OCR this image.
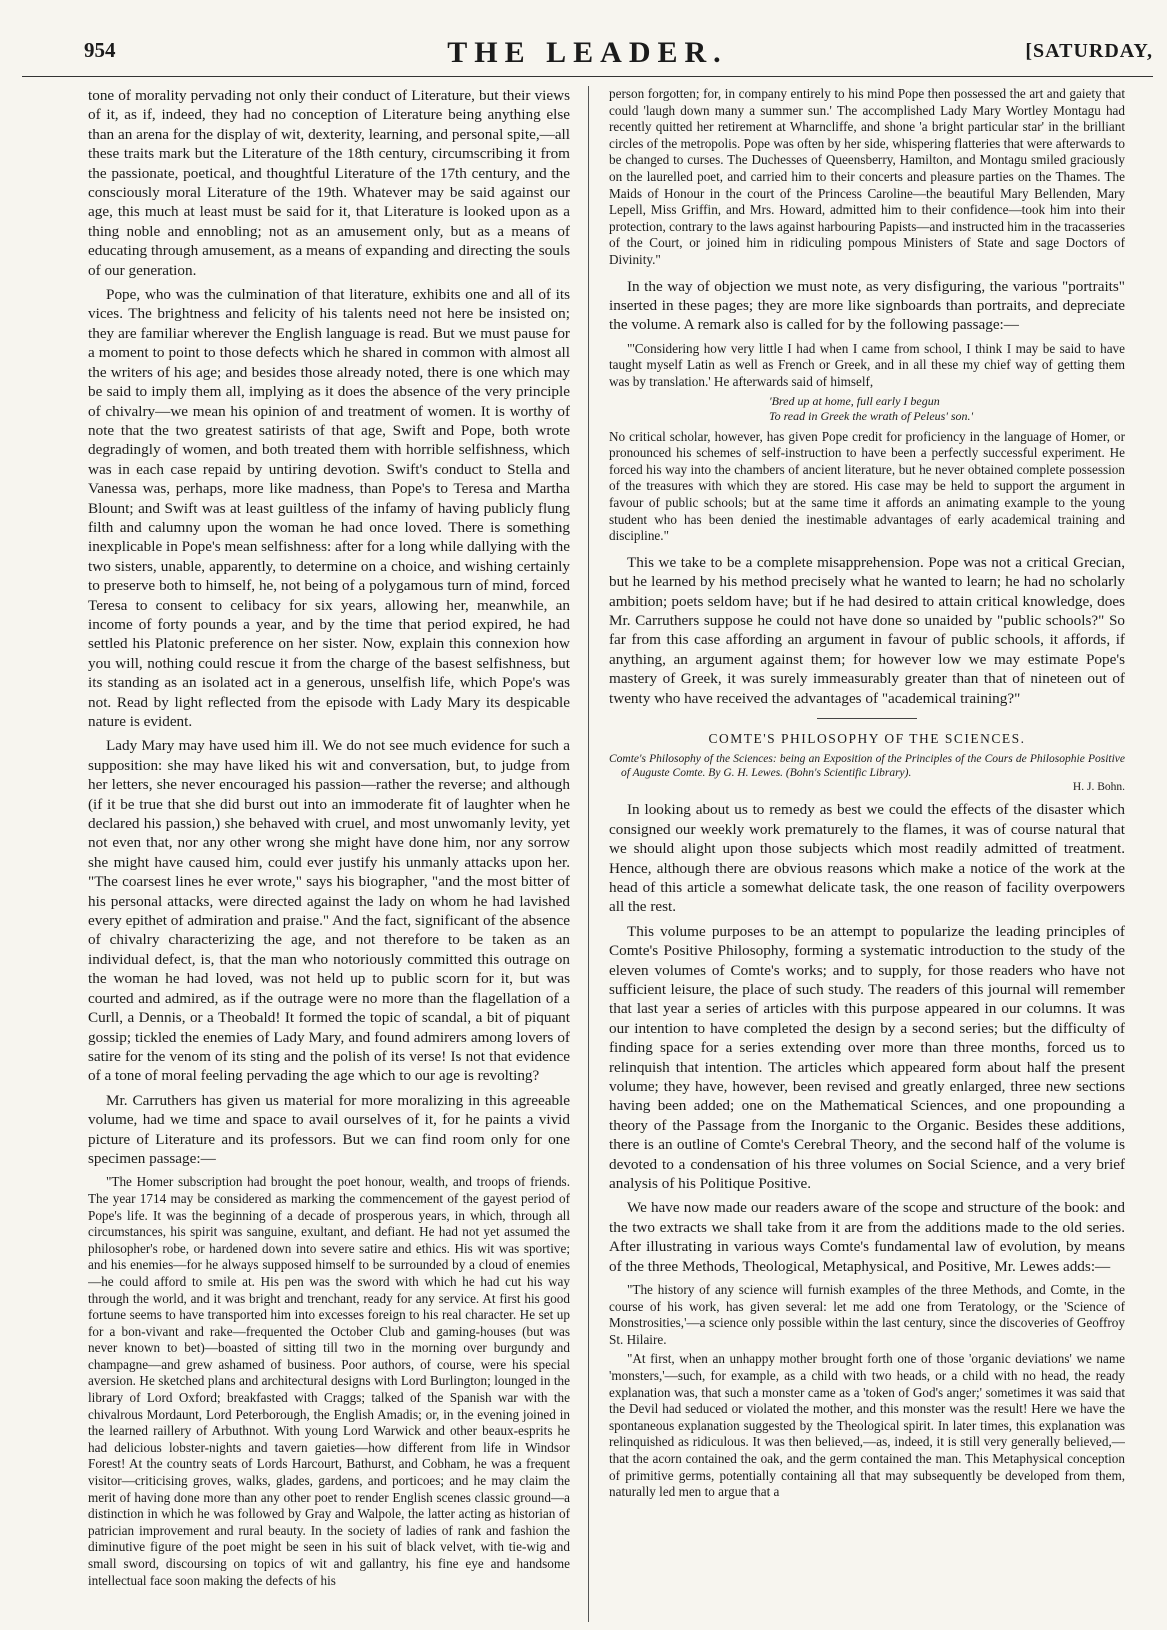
954	THE LEADER.	[SATURDAY,

tone of morality pervading not only their conduct of Literature, but their views of it, as if, indeed, they had no conception of Literature being anything else than an arena for the display of wit, dexterity, learning, and personal spite,—all these traits mark but the Literature of the 18th century, circumscribing it from the passionate, poetical, and thoughtful Literature of the 17th century, and the consciously moral Literature of the 19th. Whatever may be said against our age, this much at least must be said for it, that Literature is looked upon as a thing noble and ennobling; not as an amusement only, but as a means of educating through amusement, as a means of expanding and directing the souls of our generation.

Pope, who was the culmination of that literature, exhibits one and all of its vices. The brightness and felicity of his talents need not here be insisted on; they are familiar wherever the English language is read. But we must pause for a moment to point to those defects which he shared in common with almost all the writers of his age; and besides those already noted, there is one which may be said to imply them all, implying as it does the absence of the very principle of chivalry—we mean his opinion of and treatment of women. It is worthy of note that the two greatest satirists of that age, Swift and Pope, both wrote degradingly of women, and both treated them with horrible selfishness, which was in each case repaid by untiring devotion. Swift's conduct to Stella and Vanessa was, perhaps, more like madness, than Pope's to Teresa and Martha Blount; and Swift was at least guiltless of the infamy of having publicly flung filth and calumny upon the woman he had once loved. There is something inexplicable in Pope's mean selfishness: after for a long while dallying with the two sisters, unable, apparently, to determine on a choice, and wishing certainly to preserve both to himself, he, not being of a polygamous turn of mind, forced Teresa to consent to celibacy for six years, allowing her, meanwhile, an income of forty pounds a year, and by the time that period expired, he had settled his Platonic preference on her sister. Now, explain this connexion how you will, nothing could rescue it from the charge of the basest selfishness, but its standing as an isolated act in a generous, unselfish life, which Pope's was not. Read by light reflected from the episode with Lady Mary its despicable nature is evident.

Lady Mary may have used him ill. We do not see much evidence for such a supposition: she may have liked his wit and conversation, but, to judge from her letters, she never encouraged his passion—rather the reverse; and although (if it be true that she did burst out into an immoderate fit of laughter when he declared his passion,) she behaved with cruel, and most unwomanly levity, yet not even that, nor any other wrong she might have done him, nor any sorrow she might have caused him, could ever justify his unmanly attacks upon her. "The coarsest lines he ever wrote," says his biographer, "and the most bitter of his personal attacks, were directed against the lady on whom he had lavished every epithet of admiration and praise." And the fact, significant of the absence of chivalry characterizing the age, and not therefore to be taken as an individual defect, is, that the man who notoriously committed this outrage on the woman he had loved, was not held up to public scorn for it, but was courted and admired, as if the outrage were no more than the flagellation of a Curll, a Dennis, or a Theobald! It formed the topic of scandal, a bit of piquant gossip; tickled the enemies of Lady Mary, and found admirers among lovers of satire for the venom of its sting and the polish of its verse! Is not that evidence of a tone of moral feeling pervading the age which to our age is revolting?

Mr. Carruthers has given us material for more moralizing in this agreeable volume, had we time and space to avail ourselves of it, for he paints a vivid picture of Literature and its professors. But we can find room only for one specimen passage:—

"The Homer subscription had brought the poet honour, wealth, and troops of friends. The year 1714 may be considered as marking the commencement of the gayest period of Pope's life. It was the beginning of a decade of prosperous years, in which, through all circumstances, his spirit was sanguine, exultant, and defiant. He had not yet assumed the philosopher's robe, or hardened down into severe satire and ethics. His wit was sportive; and his enemies—for he always supposed himself to be surrounded by a cloud of enemies—he could afford to smile at. His pen was the sword with which he had cut his way through the world, and it was bright and trenchant, ready for any service. At first his good fortune seems to have transported him into excesses foreign to his real character. He set up for a bon-vivant and rake—frequented the October Club and gaming-houses (but was never known to bet)—boasted of sitting till two in the morning over burgundy and champagne—and grew ashamed of business. Poor authors, of course, were his special aversion. He sketched plans and architectural designs with Lord Burlington; lounged in the library of Lord Oxford; breakfasted with Craggs; talked of the Spanish war with the chivalrous Mordaunt, Lord Peterborough, the English Amadis; or, in the evening joined in the learned raillery of Arbuthnot. With young Lord Warwick and other beaux-esprits he had delicious lobster-nights and tavern gaieties—how different from life in Windsor Forest! At the country seats of Lords Harcourt, Bathurst, and Cobham, he was a frequent visitor—criticising groves, walks, glades, gardens, and porticoes; and he may claim the merit of having done more than any other poet to render English scenes classic ground—a distinction in which he was followed by Gray and Walpole, the latter acting as historian of patrician improvement and rural beauty. In the society of ladies of rank and fashion the diminutive figure of the poet might be seen in his suit of black velvet, with tie-wig and small sword, discoursing on topics of wit and gallantry, his fine eye and handsome intellectual face soon making the defects of his

person forgotten; for, in company entirely to his mind Pope then possessed the art and gaiety that could 'laugh down many a summer sun.' The accomplished Lady Mary Wortley Montagu had recently quitted her retirement at Wharncliffe, and shone 'a bright particular star' in the brilliant circles of the metropolis. Pope was often by her side, whispering flatteries that were afterwards to be changed to curses. The Duchesses of Queensberry, Hamilton, and Montagu smiled graciously on the laurelled poet, and carried him to their concerts and pleasure parties on the Thames. The Maids of Honour in the court of the Princess Caroline—the beautiful Mary Bellenden, Mary Lepell, Miss Griffin, and Mrs. Howard, admitted him to their confidence—took him into their protection, contrary to the laws against harbouring Papists—and instructed him in the tracasseries of the Court, or joined him in ridiculing pompous Ministers of State and sage Doctors of Divinity."

In the way of objection we must note, as very disfiguring, the various "portraits" inserted in these pages; they are more like signboards than portraits, and depreciate the volume. A remark also is called for by the following passage:—

"'Considering how very little I had when I came from school, I think I may be said to have taught myself Latin as well as French or Greek, and in all these my chief way of getting them was by translation.' He afterwards said of himself,

'Bred up at home, full early I begun
To read in Greek the wrath of Peleus' son.'

No critical scholar, however, has given Pope credit for proficiency in the language of Homer, or pronounced his schemes of self-instruction to have been a perfectly successful experiment. He forced his way into the chambers of ancient literature, but he never obtained complete possession of the treasures with which they are stored. His case may be held to support the argument in favour of public schools; but at the same time it affords an animating example to the young student who has been denied the inestimable advantages of early academical training and discipline."

This we take to be a complete misapprehension. Pope was not a critical Grecian, but he learned by his method precisely what he wanted to learn; he had no scholarly ambition; poets seldom have; but if he had desired to attain critical knowledge, does Mr. Carruthers suppose he could not have done so unaided by "public schools?" So far from this case affording an argument in favour of public schools, it affords, if anything, an argument against them; for however low we may estimate Pope's mastery of Greek, it was surely immeasurably greater than that of nineteen out of twenty who have received the advantages of "academical training?"

COMTE'S PHILOSOPHY OF THE SCIENCES.
Comte's Philosophy of the Sciences: being an Exposition of the Principles of the Cours de Philosophie Positive of Auguste Comte. By G. H. Lewes. (Bohn's Scientific Library).
H. J. Bohn.

In looking about us to remedy as best we could the effects of the disaster which consigned our weekly work prematurely to the flames, it was of course natural that we should alight upon those subjects which most readily admitted of treatment. Hence, although there are obvious reasons which make a notice of the work at the head of this article a somewhat delicate task, the one reason of facility overpowers all the rest.

This volume purposes to be an attempt to popularize the leading principles of Comte's Positive Philosophy, forming a systematic introduction to the study of the eleven volumes of Comte's works; and to supply, for those readers who have not sufficient leisure, the place of such study. The readers of this journal will remember that last year a series of articles with this purpose appeared in our columns. It was our intention to have completed the design by a second series; but the difficulty of finding space for a series extending over more than three months, forced us to relinquish that intention. The articles which appeared form about half the present volume; they have, however, been revised and greatly enlarged, three new sections having been added; one on the Mathematical Sciences, and one propounding a theory of the Passage from the Inorganic to the Organic. Besides these additions, there is an outline of Comte's Cerebral Theory, and the second half of the volume is devoted to a condensation of his three volumes on Social Science, and a very brief analysis of his Politique Positive.

We have now made our readers aware of the scope and structure of the book: and the two extracts we shall take from it are from the additions made to the old series. After illustrating in various ways Comte's fundamental law of evolution, by means of the three Methods, Theological, Metaphysical, and Positive, Mr. Lewes adds:—

"The history of any science will furnish examples of the three Methods, and Comte, in the course of his work, has given several: let me add one from Teratology, or the 'Science of Monstrosities,'—a science only possible within the last century, since the discoveries of Geoffroy St. Hilaire.

"At first, when an unhappy mother brought forth one of those 'organic deviations' we name 'monsters,'—such, for example, as a child with two heads, or a child with no head, the ready explanation was, that such a monster came as a 'token of God's anger;' sometimes it was said that the Devil had seduced or violated the mother, and this monster was the result! Here we have the spontaneous explanation suggested by the Theological spirit. In later times, this explanation was relinquished as ridiculous. It was then believed,—as, indeed, it is still very generally believed,—that the acorn contained the oak, and the germ contained the man. This Metaphysical conception of primitive germs, potentially containing all that may subsequently be developed from them, naturally led men to argue that a
